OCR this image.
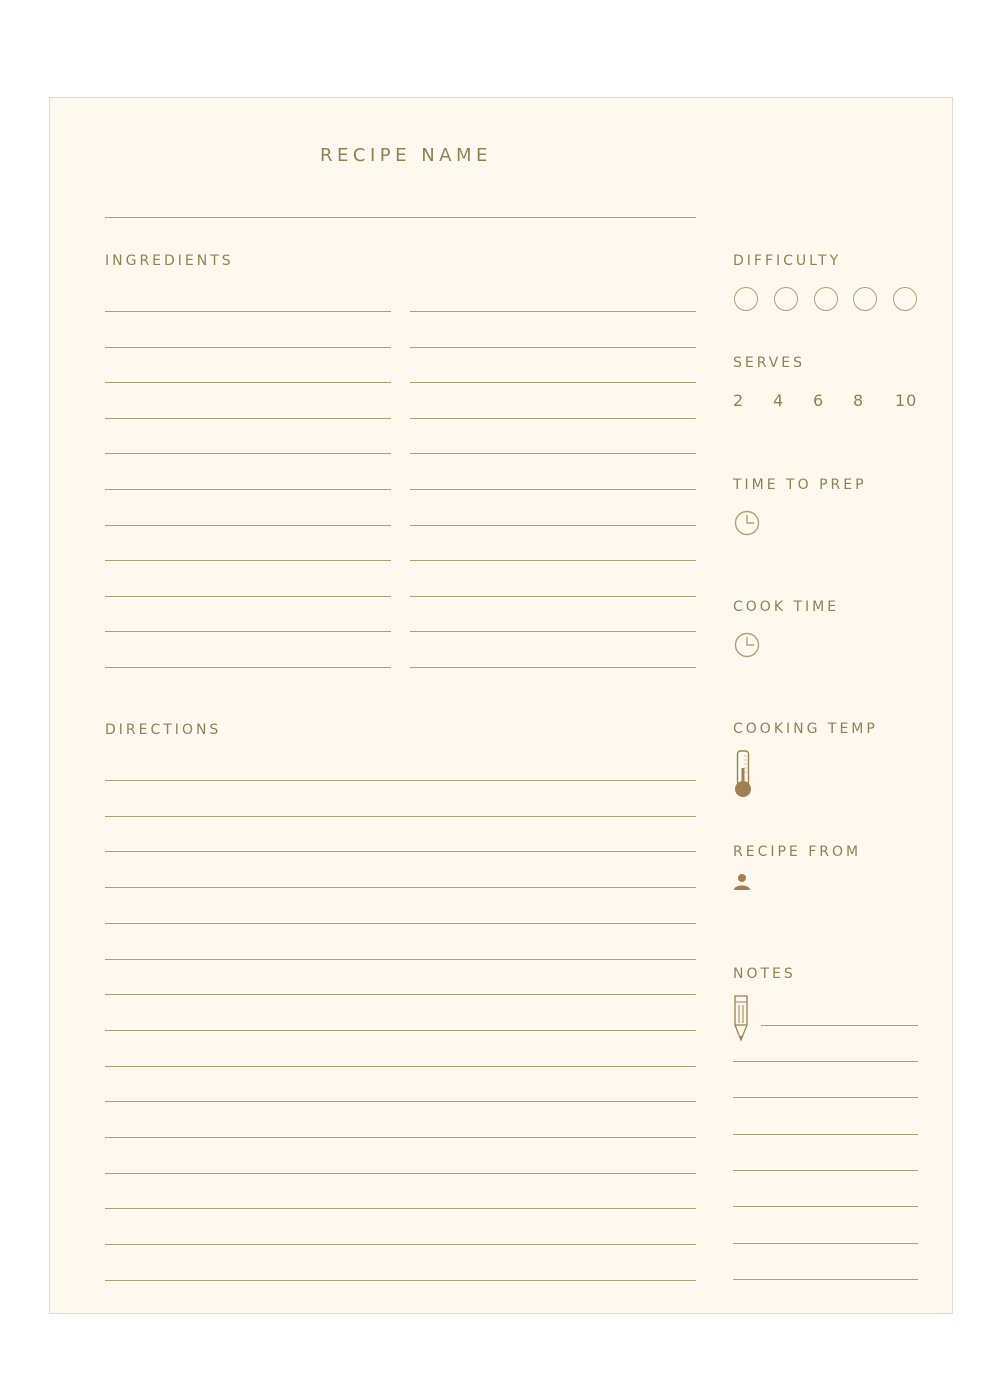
RECIPE NAME
INGREDIENTS
DIRECTIONS
DIFFICULTY
SERVES
2 4 6 8 10
TIME TO PREP
COOK TIME
COOKING TEMP
RECIPE FROM
NOTES
